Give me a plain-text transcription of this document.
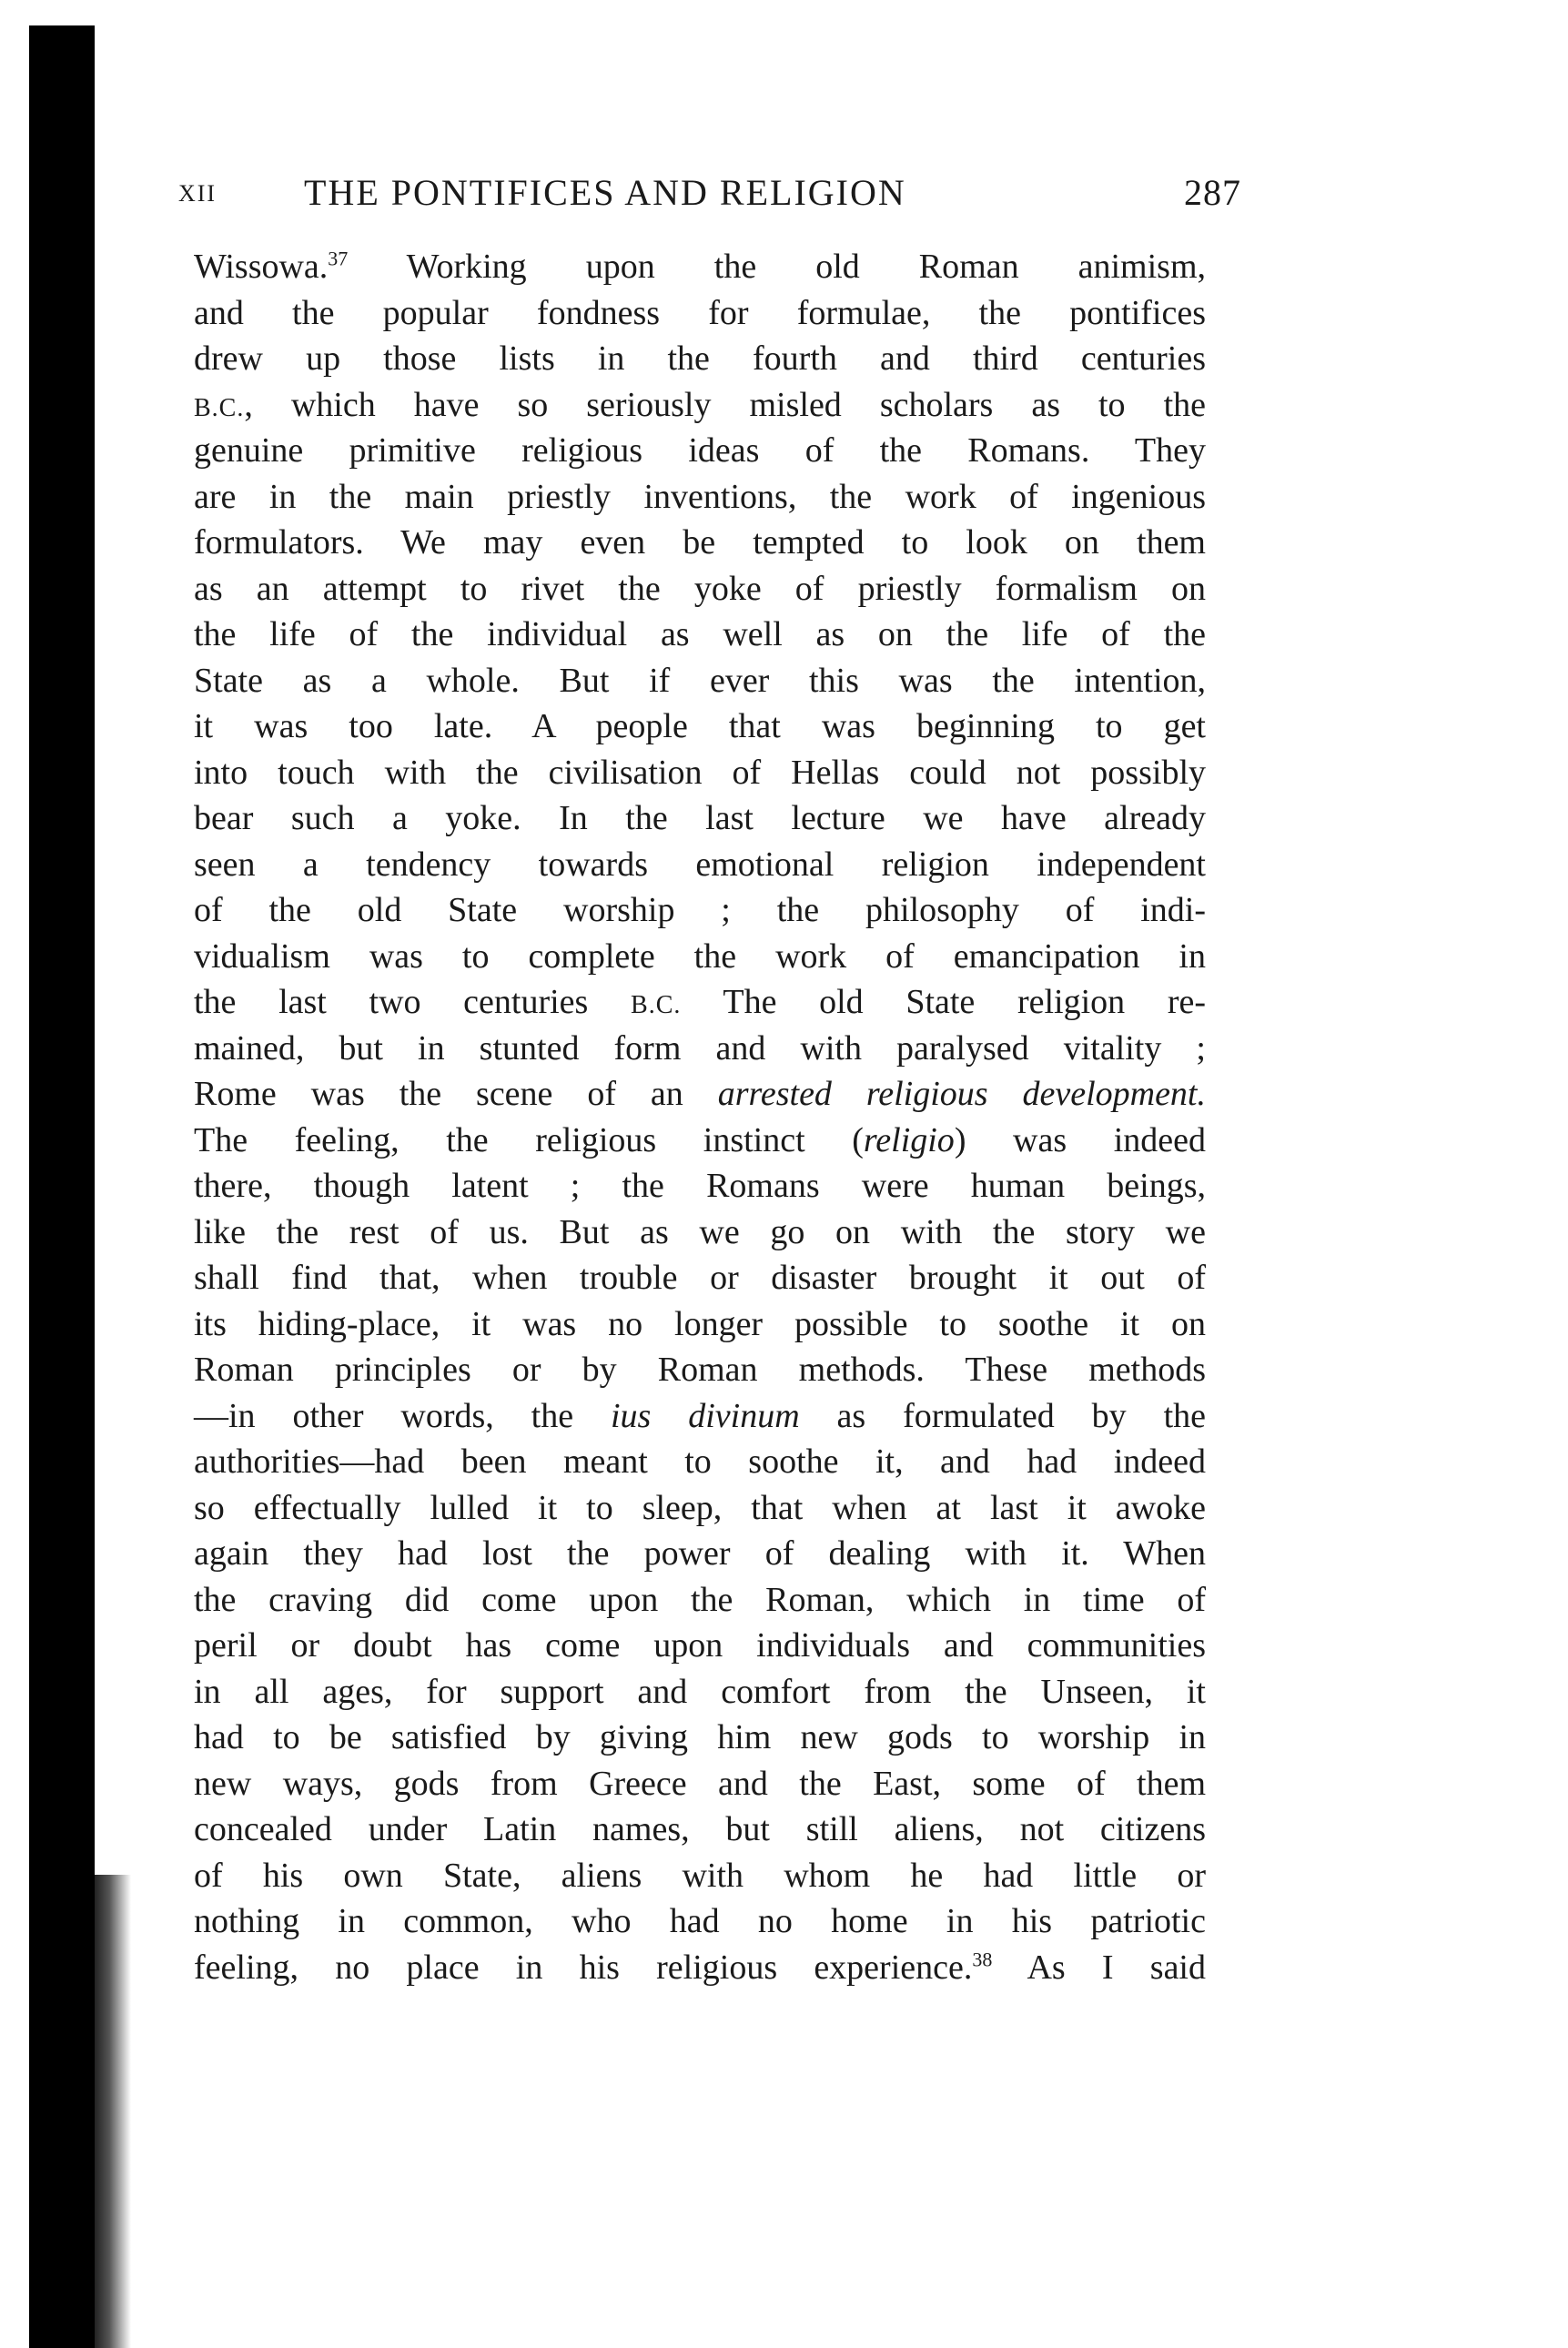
XII THE PONTIFICES AND RELIGION	287
Wissowa.$^{37}$ Working upon the old Roman animism,
and the popular fondness for formulae, the pontifices
drew up those lists in the fourth and third centuries
B.C., which have so seriously misled scholars as to the
genuine primitive religious ideas of the Romans. They
are in the main priestly inventions, the work of ingenious
formulators. We may even be tempted to look on them
as an attempt to rivet the yoke of priestly formalism on
the life of the individual as well as on the life of the
State as a whole. But if ever this was the intention,
it was too late. A people that was beginning to get
into touch with the civilisation of Hellas could not possibly
bear such a yoke. In the last lecture we have already
seen a tendency towards emotional religion independent
of the old State worship ; the philosophy of indi-
vidualism was to complete the work of emancipation in
the last two centuries B.C. The old State religion re-
mained, but in stunted form and with paralysed vitality ;
Rome was the scene of an arrested religious development.
The feeling, the religious instinct (religio) was indeed
there, though latent ; the Romans were human beings,
like the rest of us. But as we go on with the story we
shall find that, when trouble or disaster brought it out of
its hiding-place, it was no longer possible to soothe it on
Roman principles or by Roman methods. These methods
—in other words, the ius divinum as formulated by the
authorities—had been meant to soothe it, and had indeed
so effectually lulled it to sleep, that when at last it awoke
again they had lost the power of dealing with it. When
the craving did come upon the Roman, which in time of
peril or doubt has come upon individuals and communities
in all ages, for support and comfort from the Unseen, it
had to be satisfied by giving him new gods to worship in
new ways, gods from Greece and the East, some of them
concealed under Latin names, but still aliens, not citizens
of his own State, aliens with whom he had little or
nothing in common, who had no home in his patriotic
feeling, no place in his religious experience.$^{38}$ As I said
